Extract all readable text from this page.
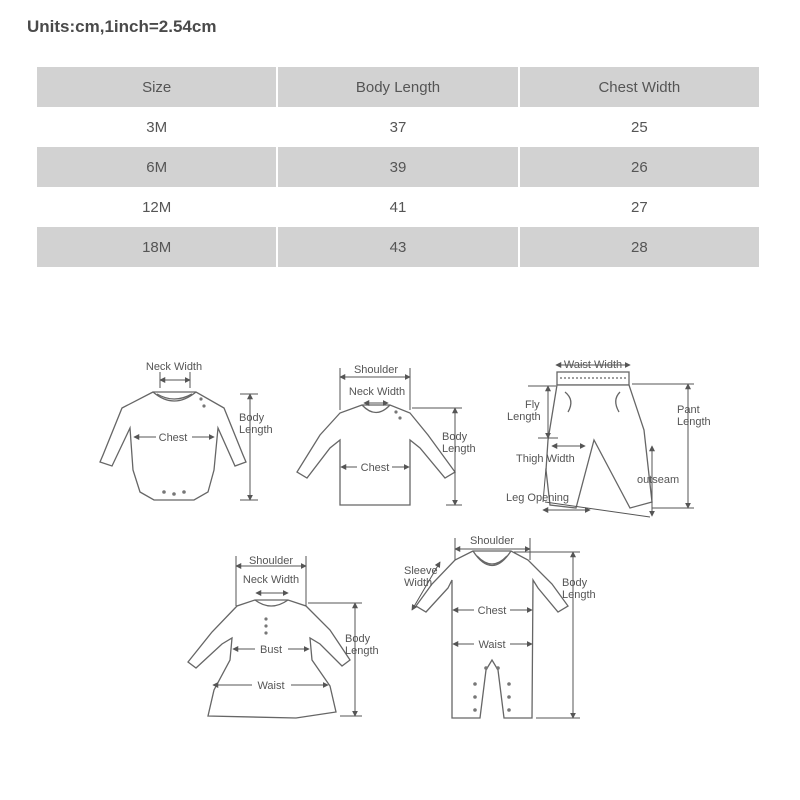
Units:cm,1inch=2.54cm
Size	Body Length	Chest Width
3M	37	25
6M	39	26
12M	41	27
18M	43	28
Neck Width
Body
Length
Chest
Shoulder
Neck Width
Body
Length
Chest
Waist Width
Fly
Length
Pant
Length
Thigh Width
outseam
Leg Opening
Shoulder
Neck Width
Body
Length
Bust
Waist
Shoulder
Sleeve
Width	Body
Length
Chest
Waist
